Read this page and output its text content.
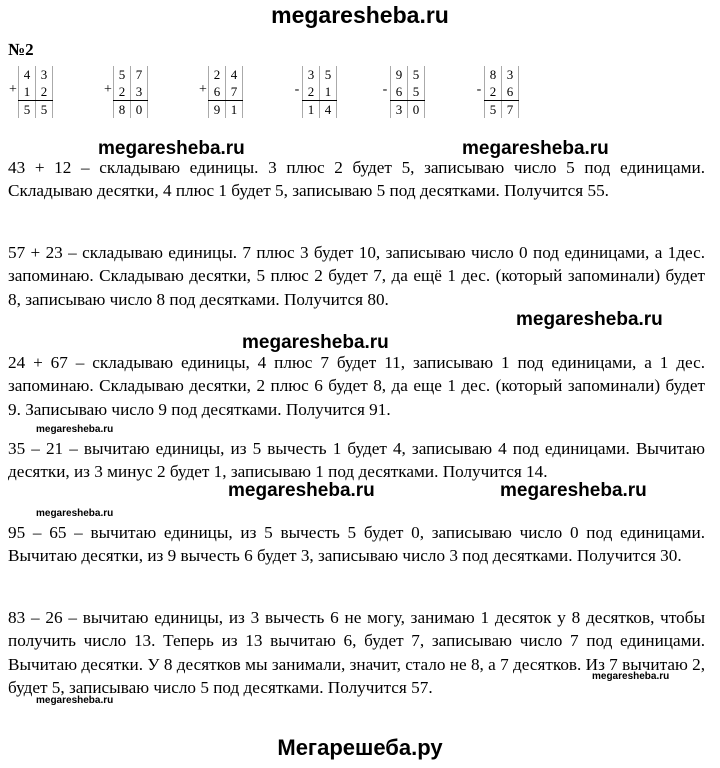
megaresheba.ru
№2
+
4	3
1	2
5	5
+
5	7
2	3
8	0
+
2	4
6	7
9	1
-
3	5
2	1
1	4
-
9	5
6	5
3	0
-
8	3
2	6
5	7

43 + 12 – складываю единицы. 3 плюс 2 будет 5, записываю число 5 под единицами. Складываю десятки, 4 плюс 1 будет 5, записываю 5 под десятками. Получится 55.

57 + 23 – складываю единицы. 7 плюс 3 будет 10, записываю число 0 под единицами, а 1дес. запоминаю. Складываю десятки, 5 плюс 2 будет 7, да ещё 1 дес. (который запоминали) будет 8, записываю число 8 под десятками. Получится 80.

24 + 67 – складываю единицы, 4 плюс 7 будет 11, записываю 1 под единицами, а 1 дес. запоминаю. Складываю десятки, 2 плюс 6 будет 8, да еще 1 дес. (который запоминали) будет 9. Записываю число 9 под десятками. Получится 91.

35 – 21 – вычитаю единицы, из 5 вычесть 1 будет 4, записываю 4 под единицами. Вычитаю десятки, из 3 минус 2 будет 1, записываю 1 под десятками. Получится 14.

95 – 65 – вычитаю единицы, из 5 вычесть 5 будет 0, записываю число 0 под единицами. Вычитаю десятки, из 9 вычесть 6 будет 3, записываю число 3 под десятками. Получится 30.

83 – 26 – вычитаю единицы, из 3 вычесть 6 не могу, занимаю 1 десяток у 8 десятков, чтобы получить число 13. Теперь из 13 вычитаю 6, будет 7, записываю число 7 под единицами. Вычитаю десятки. У 8 десятков мы занимали, значит, стало не 8, а 7 десятков. Из 7 вычитаю 2, будет 5, записываю число 5 под десятками. Получится 57.

megaresheba.ru	megaresheba.ru
megaresheba.ru
megaresheba.ru
megaresheba.ru
megaresheba.ru	megaresheba.ru
megaresheba.ru
megaresheba.ru
megaresheba.ru
Мегарешеба.ру
